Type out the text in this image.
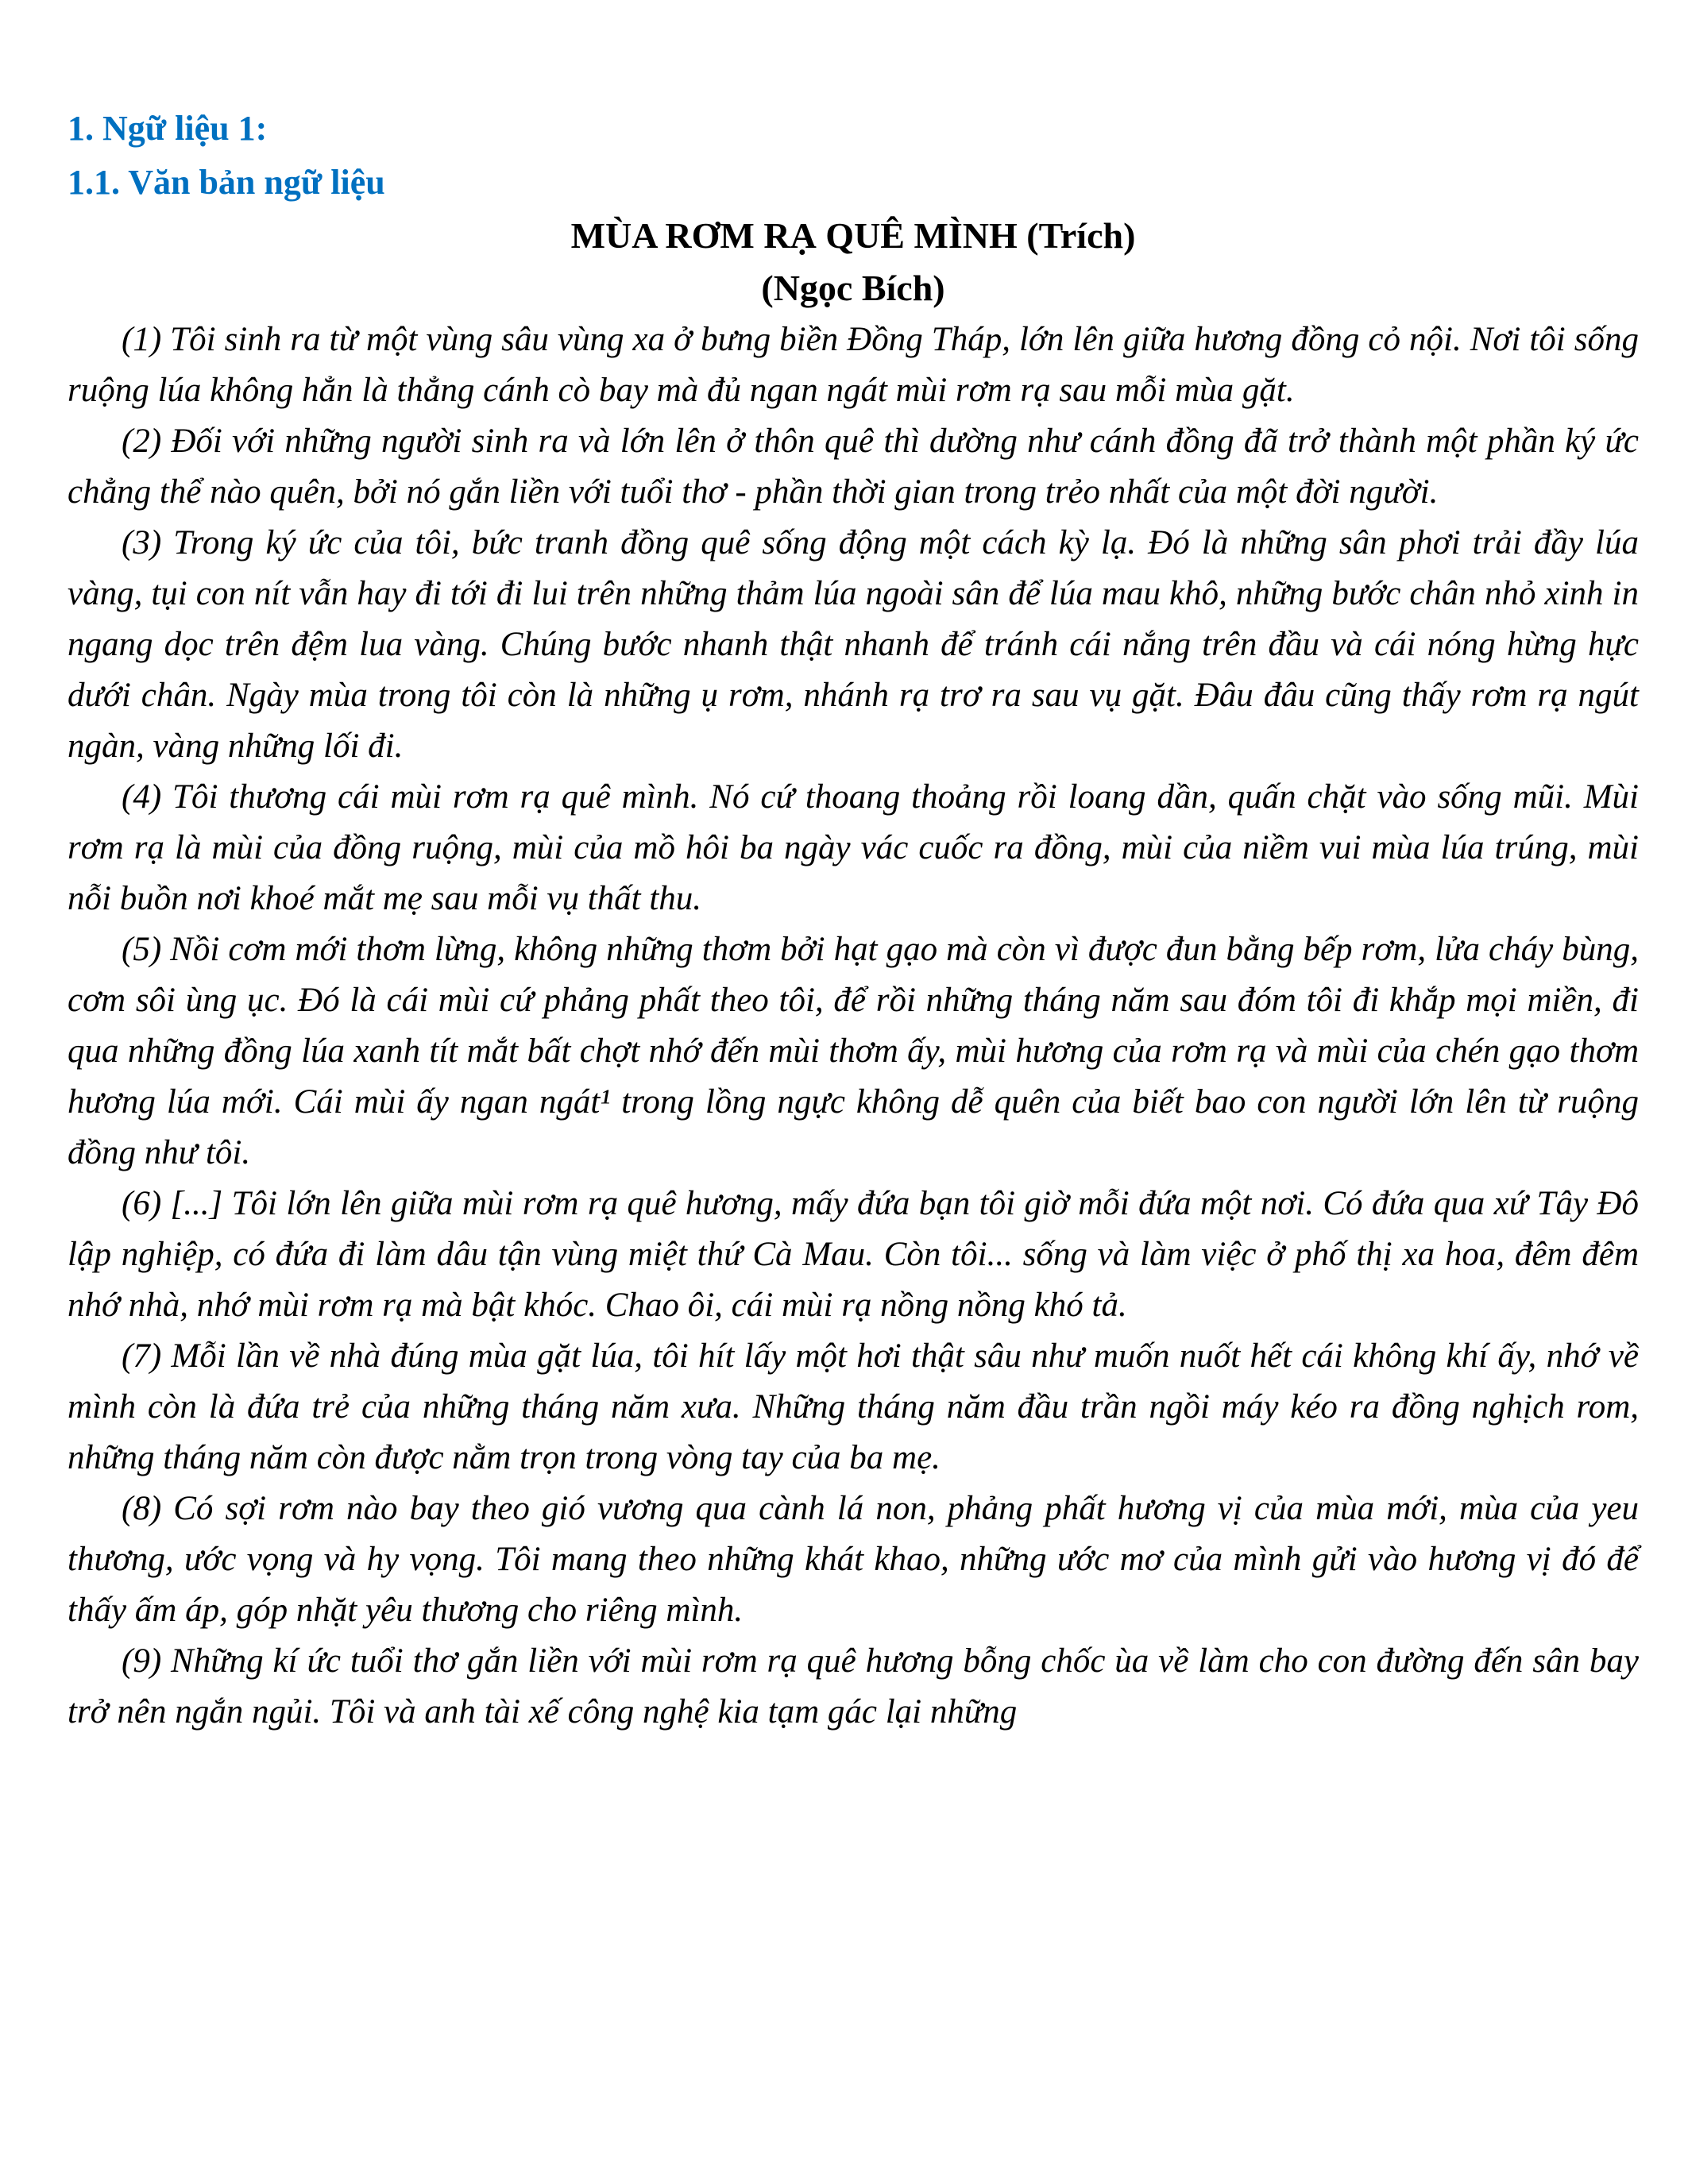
1. Ngữ liệu 1:
1.1. Văn bản ngữ liệu
MÙA RƠM RẠ QUÊ MÌNH (Trích)
(Ngọc Bích)

(1) Tôi sinh ra từ một vùng sâu vùng xa ở bưng biền Đồng Tháp, lớn lên giữa hương đồng cỏ nội. Nơi tôi sống ruộng lúa không hẳn là thẳng cánh cò bay mà đủ ngan ngát mùi rơm rạ sau mỗi mùa gặt.

(2) Đối với những người sinh ra và lớn lên ở thôn quê thì dường như cánh đồng đã trở thành một phần ký ức chẳng thể nào quên, bởi nó gắn liền với tuổi thơ - phần thời gian trong trẻo nhất của một đời người.

(3) Trong ký ức của tôi, bức tranh đồng quê sống động một cách kỳ lạ. Đó là những sân phơi trải đầy lúa vàng, tụi con nít vẫn hay đi tới đi lui trên những thảm lúa ngoài sân để lúa mau khô, những bước chân nhỏ xinh in ngang dọc trên đệm lua vàng. Chúng bước nhanh thật nhanh để tránh cái nắng trên đầu và cái nóng hừng hực dưới chân. Ngày mùa trong tôi còn là những ụ rơm, nhánh rạ trơ ra sau vụ gặt. Đâu đâu cũng thấy rơm rạ ngút ngàn, vàng những lối đi.

(4) Tôi thương cái mùi rơm rạ quê mình. Nó cứ thoang thoảng rồi loang dần, quấn chặt vào sống mũi. Mùi rơm rạ là mùi của đồng ruộng, mùi của mồ hôi ba ngày vác cuốc ra đồng, mùi của niềm vui mùa lúa trúng, mùi nỗi buồn nơi khoé mắt mẹ sau mỗi vụ thất thu.

(5) Nồi cơm mới thơm lừng, không những thơm bởi hạt gạo mà còn vì được đun bằng bếp rơm, lửa cháy bùng, cơm sôi ùng ục. Đó là cái mùi cứ phảng phất theo tôi, để rồi những tháng năm sau đóm tôi đi khắp mọi miền, đi qua những đồng lúa xanh tít mắt bất chợt nhớ đến mùi thơm ấy, mùi hương của rơm rạ và mùi của chén gạo thơm hương lúa mới. Cái mùi ấy ngan ngát¹ trong lồng ngực không dễ quên của biết bao con người lớn lên từ ruộng đồng như tôi.

(6) [...] Tôi lớn lên giữa mùi rơm rạ quê hương, mấy đứa bạn tôi giờ mỗi đứa một nơi. Có đứa qua xứ Tây Đô lập nghiệp, có đứa đi làm dâu tận vùng miệt thứ Cà Mau. Còn tôi... sống và làm việc ở phố thị xa hoa, đêm đêm nhớ nhà, nhớ mùi rơm rạ mà bật khóc. Chao ôi, cái mùi rạ nồng nồng khó tả.

(7) Mỗi lần về nhà đúng mùa gặt lúa, tôi hít lấy một hơi thật sâu như muốn nuốt hết cái không khí ấy, nhớ về mình còn là đứa trẻ của những tháng năm xưa. Những tháng năm đầu trần ngồi máy kéo ra đồng nghịch rom, những tháng năm còn được nằm trọn trong vòng tay của ba mẹ.

(8) Có sợi rơm nào bay theo gió vương qua cành lá non, phảng phất hương vị của mùa mới, mùa của yeu thương, ước vọng và hy vọng. Tôi mang theo những khát khao, những ước mơ của mình gửi vào hương vị đó để thấy ấm áp, góp nhặt yêu thương cho riêng mình.

(9) Những kí ức tuổi thơ gắn liền với mùi rơm rạ quê hương bỗng chốc ùa về làm cho con đường đến sân bay trở nên ngắn ngủi. Tôi và anh tài xế công nghệ kia tạm gác lại những
